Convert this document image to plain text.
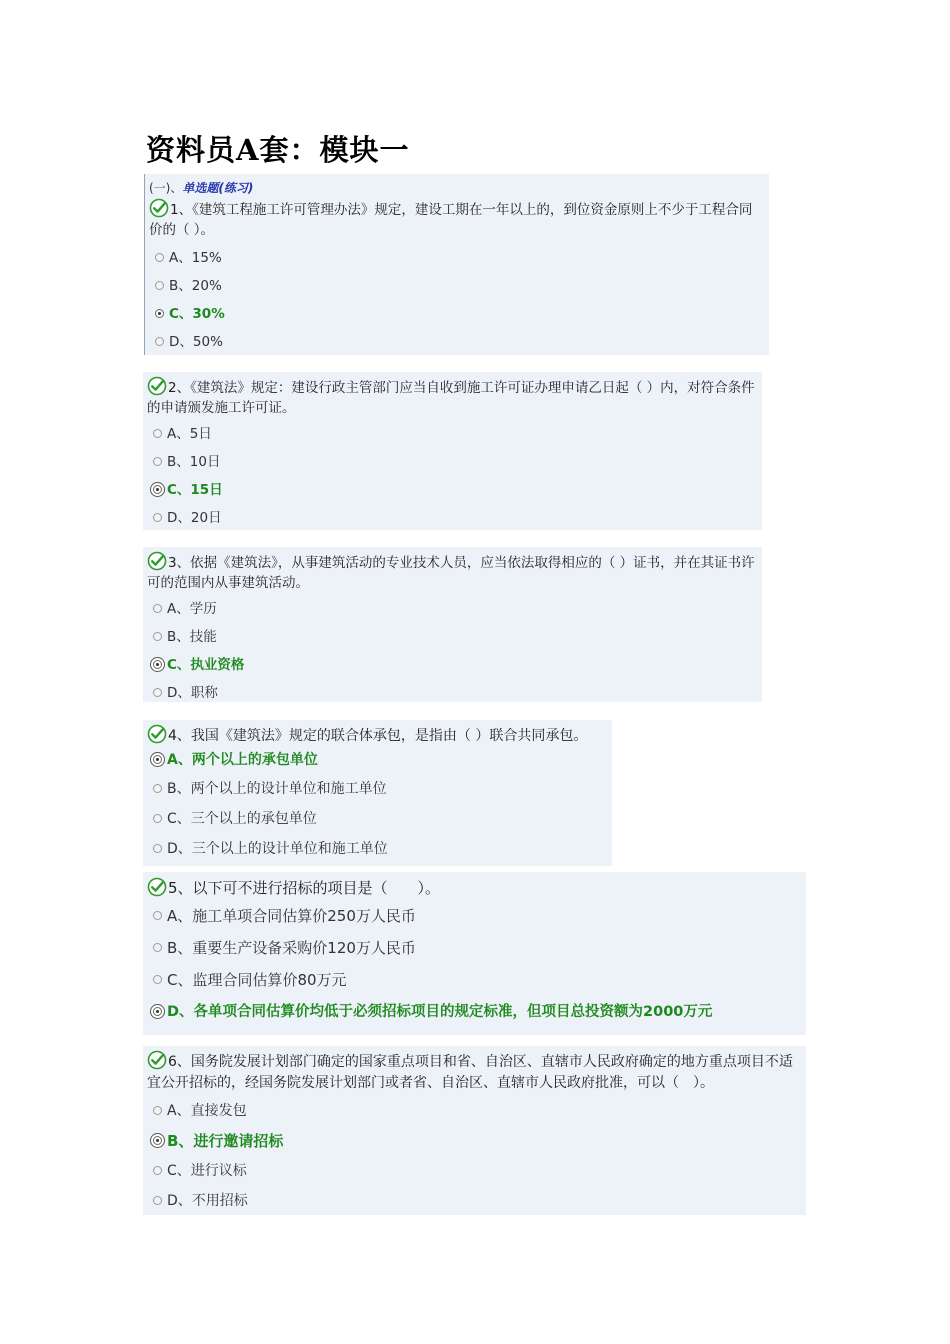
资料员A套：模块一
(一)、单选题(练习)
1、《建筑工程施工许可管理办法》规定，建设工期在一年以上的，到位资金原则上不少于工程合同价的（ ）。
A、15%
B、20%
C、30%
D、50%
2、《建筑法》规定：建设行政主管部门应当自收到施工许可证办理申请乙日起（ ）内，对符合条件的申请颁发施工许可证。
A、5日
B、10日
C、15日
D、20日
3、依据《建筑法》，从事建筑活动的专业技术人员，应当依法取得相应的（ ）证书，并在其证书许可的范围内从事建筑活动。
A、学历
B、技能
C、执业资格
D、职称
4、我国《建筑法》规定的联合体承包，是指由（ ）联合共同承包。
A、两个以上的承包单位
B、两个以上的设计单位和施工单位
C、三个以上的承包单位
D、三个以上的设计单位和施工单位
5、以下可不进行招标的项目是（　　）。
A、施工单项合同估算价250万人民币
B、重要生产设备采购价120万人民币
C、监理合同估算价80万元
D、各单项合同估算价均低于必须招标项目的规定标准，但项目总投资额为2000万元
6、国务院发展计划部门确定的国家重点项目和省、自治区、直辖市人民政府确定的地方重点项目不适宜公开招标的，经国务院发展计划部门或者省、自治区、直辖市人民政府批准，可以（　）。
A、直接发包
B、进行邀请招标
C、进行议标
D、不用招标
